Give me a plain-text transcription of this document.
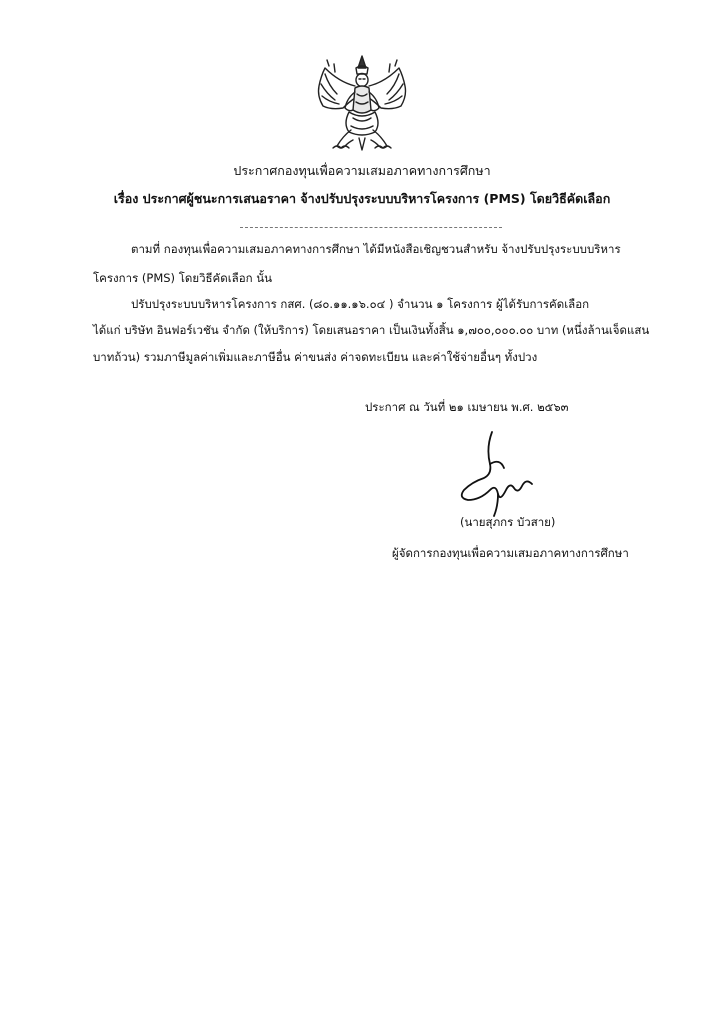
ประกาศกองทุนเพื่อความเสมอภาคทางการศึกษา
เรื่อง ประกาศผู้ชนะการเสนอราคา จ้างปรับปรุงระบบบริหารโครงการ (PMS) โดยวิธีคัดเลือก
ตามที่ กองทุนเพื่อความเสมอภาคทางการศึกษา ได้มีหนังสือเชิญชวนสำหรับ จ้างปรับปรุงระบบบริหาร
โครงการ (PMS) โดยวิธีคัดเลือก นั้น
ปรับปรุงระบบบริหารโครงการ กสศ. (๘๐.๑๑.๑๖.๐๔ ) จำนวน ๑ โครงการ ผู้ได้รับการคัดเลือก
ได้แก่ บริษัท อินฟอร์เวชัน จำกัด (ให้บริการ) โดยเสนอราคา เป็นเงินทั้งสิ้น ๑,๗๐๐,๐๐๐.๐๐ บาท (หนึ่งล้านเจ็ดแสน
บาทถ้วน) รวมภาษีมูลค่าเพิ่มและภาษีอื่น ค่าขนส่ง ค่าจดทะเบียน และค่าใช้จ่ายอื่นๆ ทั้งปวง
ประกาศ ณ วันที่ ๒๑ เมษายน พ.ศ. ๒๕๖๓
(นายสุภกร บัวสาย)
ผู้จัดการกองทุนเพื่อความเสมอภาคทางการศึกษา
